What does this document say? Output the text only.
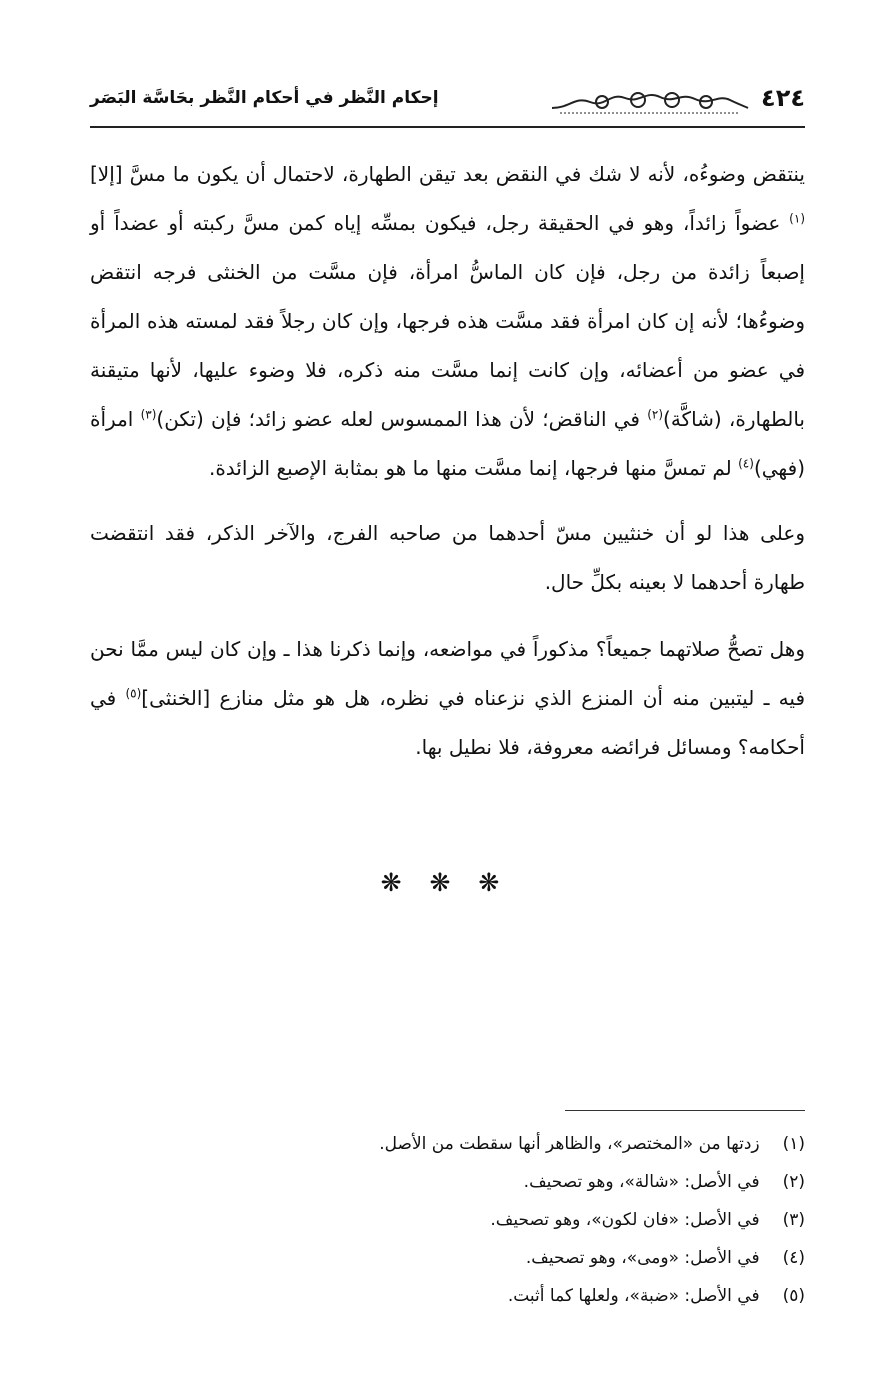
٤٢٤
إحكام النَّظر في أحكام النَّظر بحَاسَّة البَصَر

ينتقض وضوءُه، لأنه لا شك في النقض بعد تيقن الطهارة، لاحتمال أن يكون ما مسَّ [إلا]$^{(١)}$ عضواً زائداً، وهو في الحقيقة رجل، فيكون بمسِّه إياه كمن مسَّ ركبته أو عضداً أو إصبعاً زائدة من رجل، فإن كان الماسُّ امرأة، فإن مسَّت من الخنثى فرجه انتقض وضوءُها؛ لأنه إن كان امرأة فقد مسَّت هذه فرجها، وإن كان رجلاً فقد لمسته هذه المرأة في عضو من أعضائه، وإن كانت إنما مسَّت منه ذكره، فلا وضوء عليها، لأنها متيقنة بالطهارة، (شاكَّة)$^{(٢)}$ في الناقض؛ لأن هذا الممسوس لعله عضو زائد؛ فإن (تكن)$^{(٣)}$ امرأة (فهي)$^{(٤)}$ لم تمسَّ منها فرجها، إنما مسَّت منها ما هو بمثابة الإصبع الزائدة.

وعلى هذا لو أن خنثيين مسّ أحدهما من صاحبه الفرج، والآخر الذكر، فقد انتقضت طهارة أحدهما لا بعينه بكلِّ حال.

وهل تصحُّ صلاتهما جميعاً؟ مذكوراً في مواضعه، وإنما ذكرنا هذا ـ وإن كان ليس ممَّا نحن فيه ـ ليتبين منه أن المنزع الذي نزعناه في نظره، هل هو مثل منازع [الخنثى]$^{(٥)}$ في أحكامه؟ ومسائل فرائضه معروفة، فلا نطيل بها.

❋ ❋ ❋
(١) زدتها من «المختصر»، والظاهر أنها سقطت من الأصل.
(٢) في الأصل: «شالة»، وهو تصحيف.
(٣) في الأصل: «فان لكون»، وهو تصحيف.
(٤) في الأصل: «ومى»، وهو تصحيف.
(٥) في الأصل: «ضبة»، ولعلها كما أثبت.
